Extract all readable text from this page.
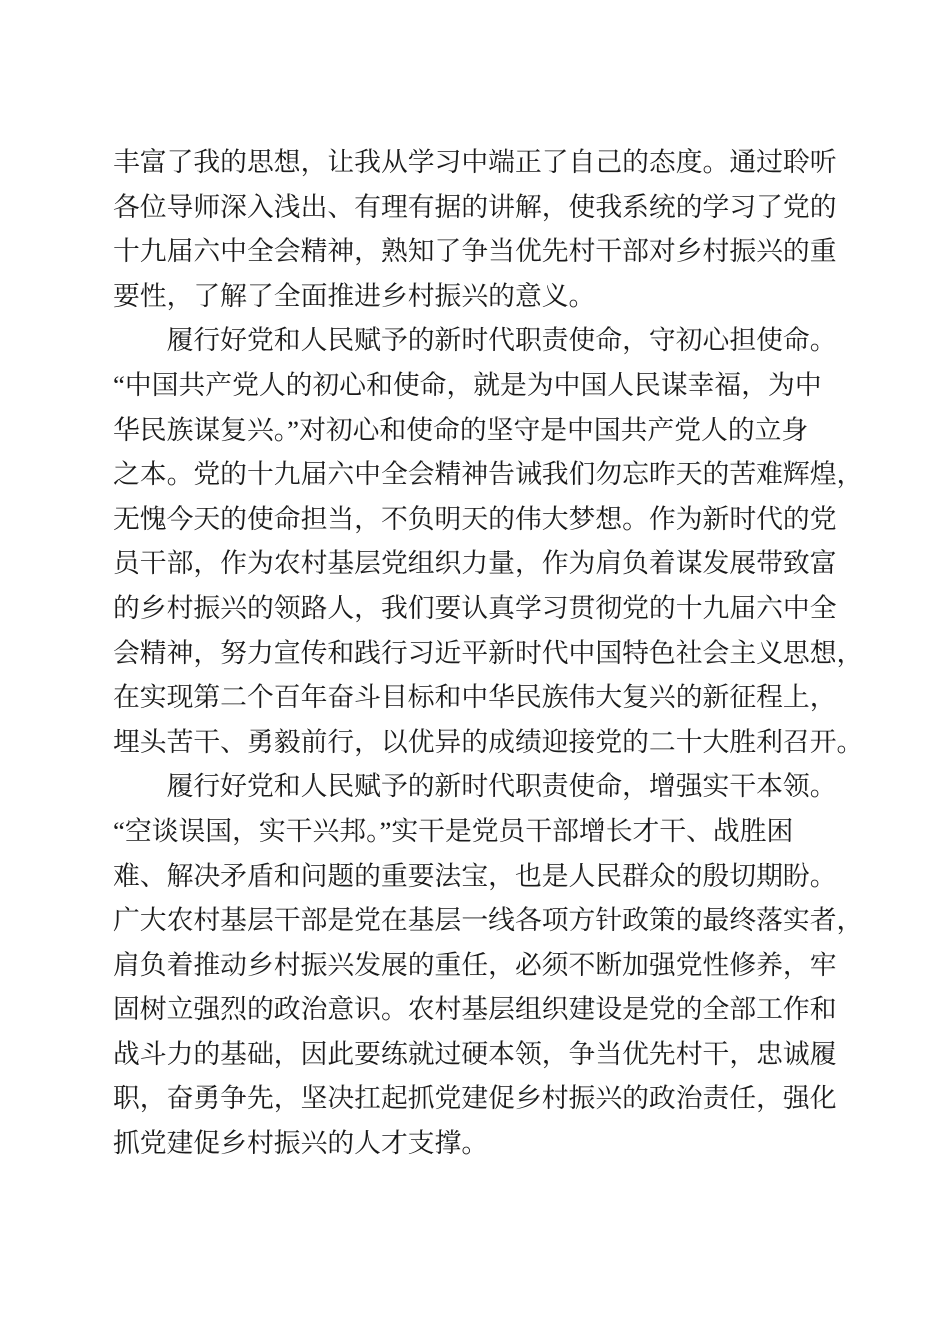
丰富了我的思想，让我从学习中端正了自己的态度。通过聆听
各位导师深入浅出、有理有据的讲解，使我系统的学习了党的
十九届六中全会精神，熟知了争当优先村干部对乡村振兴的重
要性，了解了全面推进乡村振兴的意义。
履行好党和人民赋予的新时代职责使命，守初心担使命。
“中国共产党人的初心和使命，就是为中国人民谋幸福，为中
华民族谋复兴。”对初心和使命的坚守是中国共产党人的立身
之本。党的十九届六中全会精神告诫我们勿忘昨天的苦难辉煌，
无愧今天的使命担当，不负明天的伟大梦想。作为新时代的党
员干部，作为农村基层党组织力量，作为肩负着谋发展带致富
的乡村振兴的领路人，我们要认真学习贯彻党的十九届六中全
会精神，努力宣传和践行习近平新时代中国特色社会主义思想，
在实现第二个百年奋斗目标和中华民族伟大复兴的新征程上，
埋头苦干、勇毅前行，以优异的成绩迎接党的二十大胜利召开。
履行好党和人民赋予的新时代职责使命，增强实干本领。
“空谈误国，实干兴邦。”实干是党员干部增长才干、战胜困
难、解决矛盾和问题的重要法宝，也是人民群众的殷切期盼。
广大农村基层干部是党在基层一线各项方针政策的最终落实者，
肩负着推动乡村振兴发展的重任，必须不断加强党性修养，牢
固树立强烈的政治意识。农村基层组织建设是党的全部工作和
战斗力的基础，因此要练就过硬本领，争当优先村干，忠诚履
职，奋勇争先，坚决扛起抓党建促乡村振兴的政治责任，强化
抓党建促乡村振兴的人才支撑。
